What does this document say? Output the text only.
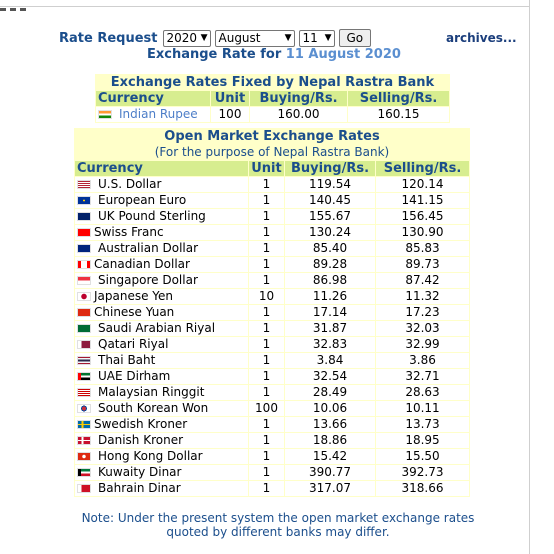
Rate Request 2020 ▼ August	▼ 11 ▼	Go	archives...
Exchange Rate for 11 August 2020
Exchange Rates Fixed by Nepal Rastra Bank			
Currency	Unit	Buying/Rs.	Selling/Rs.
Indian Rupee	100	160.00	160.15
Open Market Exchange Rates			
(For the purpose of Nepal Rastra Bank)			
Currency	Unit	Buying/Rs.	Selling/Rs.
U.S. Dollar	1	119.54	120.14
European Euro	1	140.45	141.15
UK Pound Sterling	1	155.67	156.45
Swiss Franc	1	130.24	130.90
Australian Dollar	1	85.40	85.83
Canadian Dollar	1	89.28	89.73
Singapore Dollar	1	86.98	87.42
Japanese Yen	10	11.26	11.32
Chinese Yuan	1	17.14	17.23
Saudi Arabian Riyal	1	31.87	32.03
Qatari Riyal	1	32.83	32.99
Thai Baht	1	3.84	3.86
UAE Dirham	1	32.54	32.71
Malaysian Ringgit	1	28.49	28.63
South Korean Won	100	10.06	10.11
Swedish Kroner	1	13.66	13.73
Danish Kroner	1	18.86	18.95
Hong Kong Dollar	1	15.42	15.50
Kuwaity Dinar	1	390.77	392.73
Bahrain Dinar	1	317.07	318.66
Note: Under the present system the open market exchange rates quoted by different banks may differ.
